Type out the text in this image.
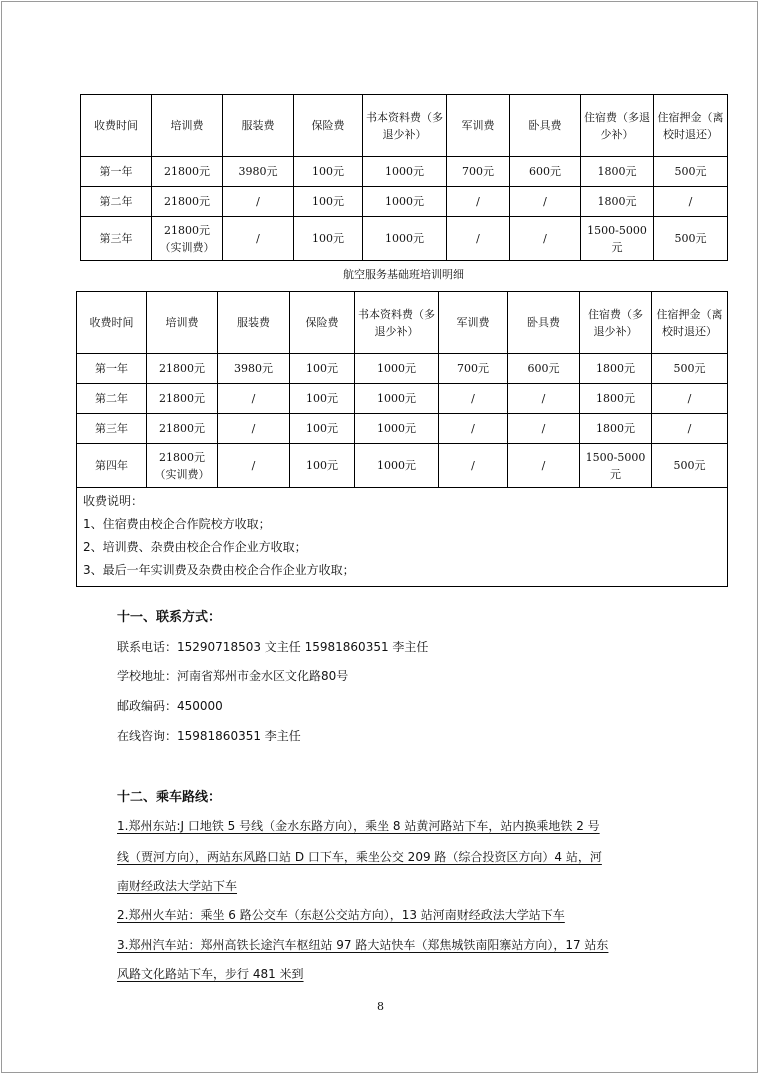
收费时间	培训费	服装费	保险费	书本资料费（多退少补）	军训费	卧具费	住宿费（多退少补）	住宿押金（离校时退还）
第一年	21800元	3980元	100元	1000元	700元	600元	1800元	500元
第二年	21800元	/	100元	1000元	/	/	1800元	/
第三年	21800元（实训费）	/	100元	1000元	/	/	1500-5000元	500元
航空服务基础班培训明细
收费时间	培训费	服装费	保险费	书本资料费（多退少补）	军训费	卧具费	住宿费（多退少补）	住宿押金（离校时退还）
第一年	21800元	3980元	100元	1000元	700元	600元	1800元	500元
第二年	21800元	/	100元	1000元	/	/	1800元	/
第三年	21800元	/	100元	1000元	/	/	1800元	/
第四年	21800元（实训费）	/	100元	1000元	/	/	1500-5000元	500元

收费说明：
1、住宿费由校企合作院校方收取；
2、培训费、杂费由校企合作企业方收取；
3、最后一年实训费及杂费由校企合作企业方收取；								
十一、联系方式：
联系电话：15290718503 文主任 15981860351 李主任
学校地址：河南省郑州市金水区文化路80号
邮政编码：450000
在线咨询：15981860351 李主任
十二、乘车路线：
1.郑州东站:J 口地铁 5 号线（金水东路方向），乘坐 8 站黄河路站下车，站内换乘地铁 2 号
线（贾河方向），两站东风路口站 D 口下车，乘坐公交 209 路（综合投资区方向）4 站，河
南财经政法大学站下车
2.郑州火车站：乘坐 6 路公交车（东赵公交站方向），13 站河南财经政法大学站下车
3.郑州汽车站：郑州高铁长途汽车枢纽站 97 路大站快车（郑焦城铁南阳寨站方向），17 站东
风路文化路站下车，步行 481 米到
8
